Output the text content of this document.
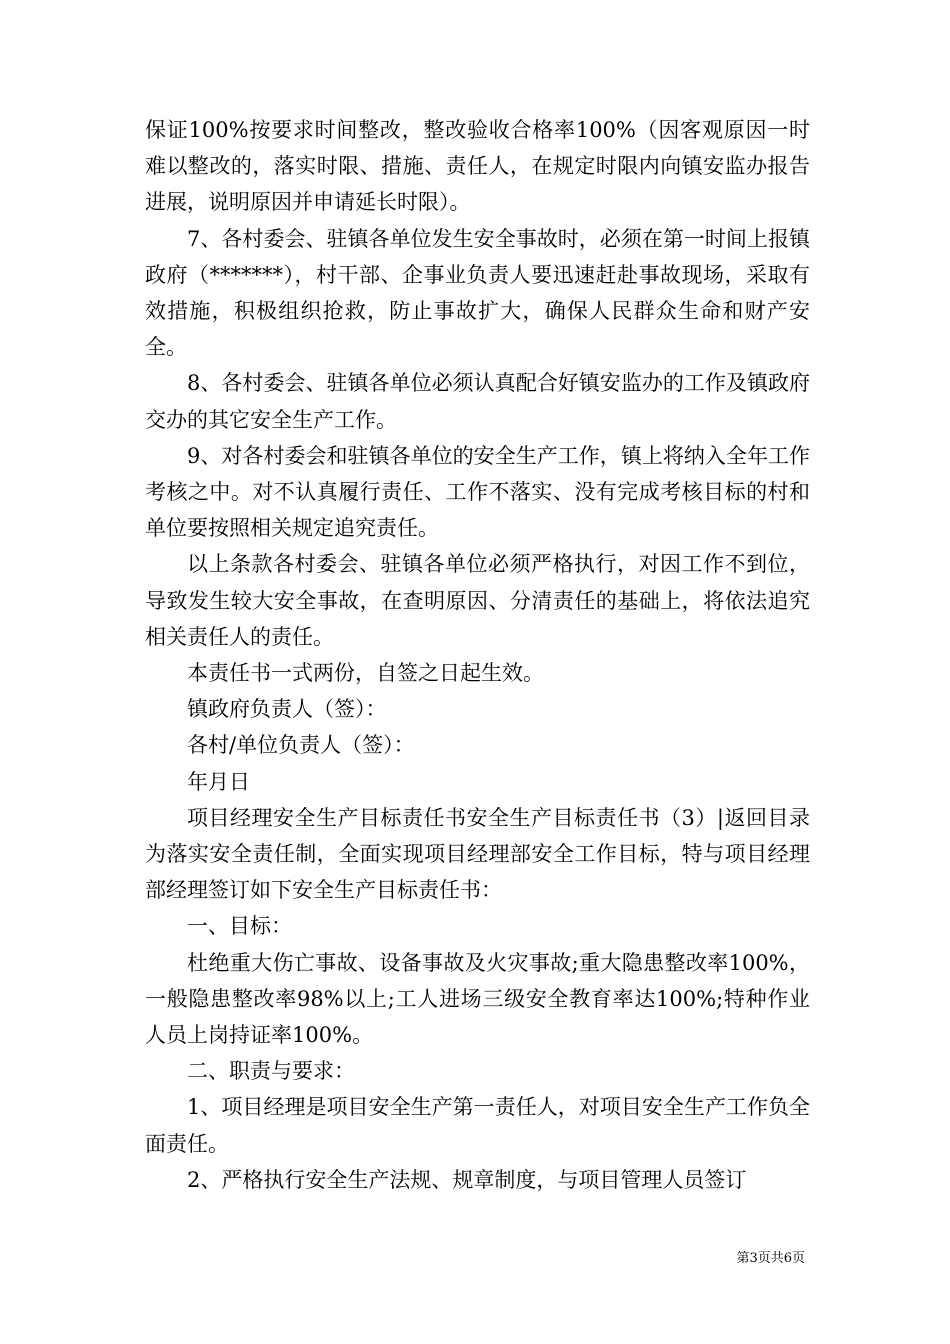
保证100%按要求时间整改，整改验收合格率100%（因客观原因一时难以整改的，落实时限、措施、责任人，在规定时限内向镇安监办报告进展，说明原因并申请延长时限）。

7、各村委会、驻镇各单位发生安全事故时，必须在第一时间上报镇政府（*******），村干部、企事业负责人要迅速赶赴事故现场，采取有效措施，积极组织抢救，防止事故扩大，确保人民群众生命和财产安全。

8、各村委会、驻镇各单位必须认真配合好镇安监办的工作及镇政府交办的其它安全生产工作。

9、对各村委会和驻镇各单位的安全生产工作，镇上将纳入全年工作考核之中。对不认真履行责任、工作不落实、没有完成考核目标的村和单位要按照相关规定追究责任。

以上条款各村委会、驻镇各单位必须严格执行，对因工作不到位，导致发生较大安全事故，在查明原因、分清责任的基础上，将依法追究相关责任人的责任。

本责任书一式两份，自签之日起生效。

镇政府负责人（签）：

各村/单位负责人（签）：

年月日

项目经理安全生产目标责任书安全生产目标责任书（3）|返回目录为落实安全责任制，全面实现项目经理部安全工作目标，特与项目经理部经理签订如下安全生产目标责任书：

一、目标：

杜绝重大伤亡事故、设备事故及火灾事故;重大隐患整改率100%，一般隐患整改率98%以上;工人进场三级安全教育率达100%;特种作业人员上岗持证率100%。

二、职责与要求：

1、项目经理是项目安全生产第一责任人，对项目安全生产工作负全面责任。

2、严格执行安全生产法规、规章制度，与项目管理人员签订

第3页共6页
